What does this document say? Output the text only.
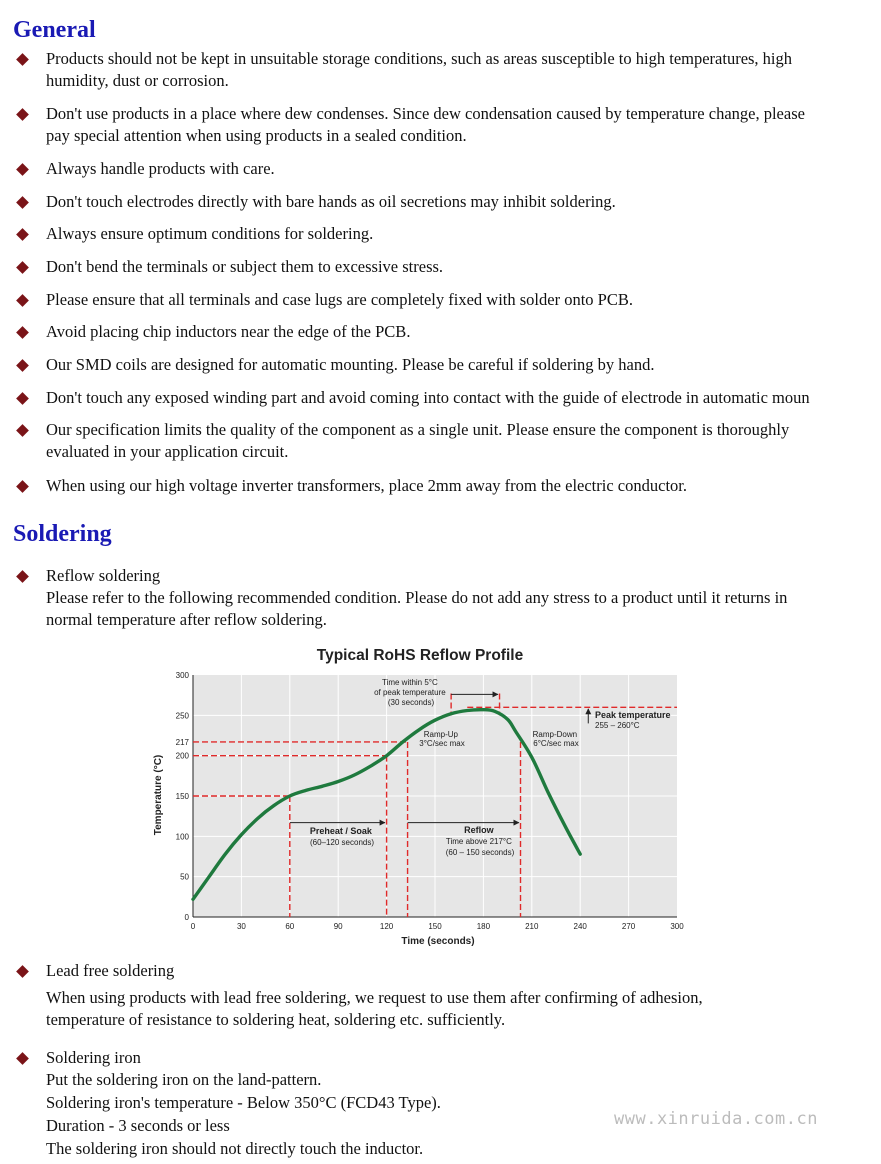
General
Products should not be kept in unsuitable storage conditions, such as areas susceptible to high temperatures, high
humidity, dust or corrosion.
Don't use products in a place where dew condenses. Since dew condensation caused by temperature change, please
pay special attention when using products in a sealed condition.
Always handle products with care.
Don't touch electrodes directly with bare hands as oil secretions may inhibit soldering.
Always ensure optimum conditions for soldering.
Don't bend the terminals or subject them to excessive stress.
Please ensure that all terminals and case lugs are completely fixed with solder onto PCB.
Avoid placing chip inductors near the edge of the PCB.
Our SMD coils are designed for automatic mounting. Please be careful if soldering by hand.
Don't touch any exposed winding part and avoid coming into contact with the guide of electrode in automatic moun
Our specification limits the quality of the component as a single unit. Please ensure the component is thoroughly
evaluated in your application circuit.
When using our high voltage inverter transformers, place 2mm away from the electric conductor.
Soldering
Reflow soldering
Please refer to the following recommended condition. Please do not add any stress to a product until it returns in
normal temperature after reflow soldering.
Typical RoHS Reflow Profile
0	30	60	90	120	150	180	210	240	270	300
0
50
100
150
200
217
250
300
Time (seconds)
Temperature (°C)
Time within 5°C of peak temperature (30 seconds)
Peak temperature 255 – 260°C
Ramp-Up 3°C/sec max
Ramp-Down 6°C/sec max
Preheat / Soak (60–120 seconds)
Reflow Time above 217°C (60 – 150 seconds)
Lead free soldering
When using products with lead free soldering, we request to use them after confirming of adhesion,
temperature of resistance to soldering heat, soldering etc. sufficiently.
Soldering iron
Put the soldering iron on the land-pattern.
Soldering iron's temperature - Below 350°C (FCD43 Type).
Duration - 3 seconds or less
The soldering iron should not directly touch the inductor.
www.xinruida.com.cn
